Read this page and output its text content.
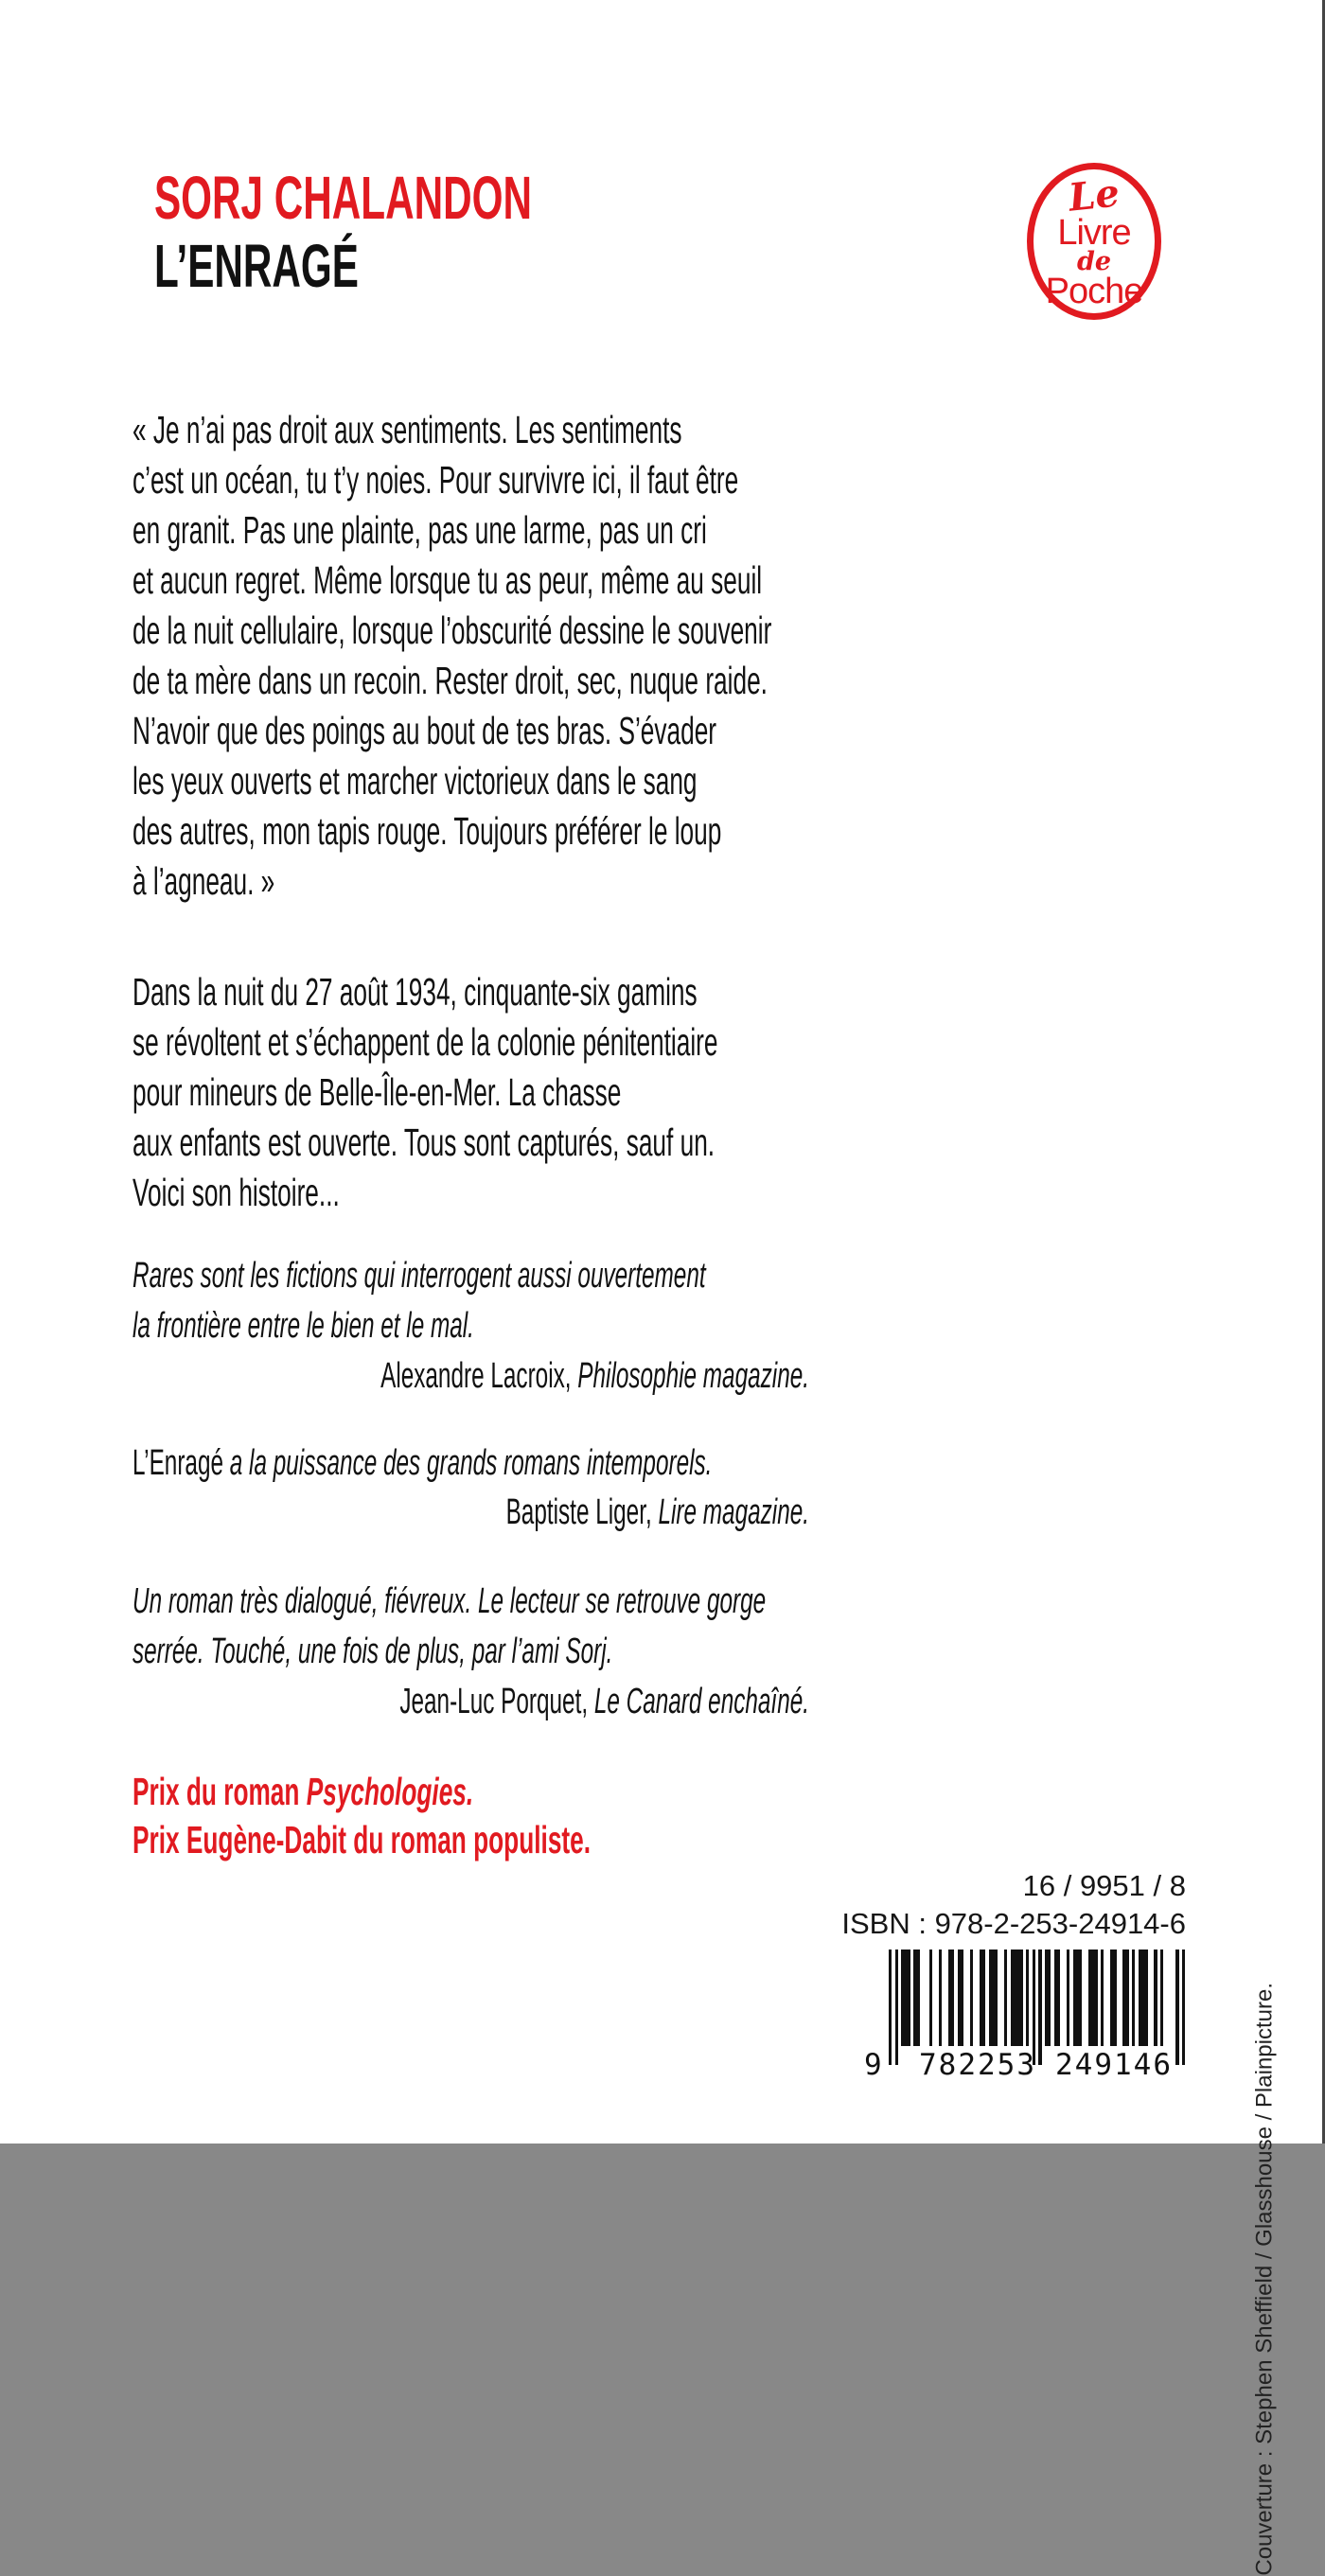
SORJ CHALANDON
L’ENRAGÉ
Le
Livre
de
Poche
« Je n’ai pas droit aux sentiments. Les sentiments
c’est un océan, tu t’y noies. Pour survivre ici, il faut être
en granit. Pas une plainte, pas une larme, pas un cri
et aucun regret. Même lorsque tu as peur, même au seuil
de la nuit cellulaire, lorsque l’obscurité dessine le souvenir
de ta mère dans un recoin. Rester droit, sec, nuque raide.
N’avoir que des poings au bout de tes bras. S’évader
les yeux ouverts et marcher victorieux dans le sang
des autres, mon tapis rouge. Toujours préférer le loup
à l’agneau. »
Dans la nuit du 27 août 1934, cinquante-six gamins
se révoltent et s’échappent de la colonie pénitentiaire
pour mineurs de Belle-Île-en-Mer. La chasse
aux enfants est ouverte. Tous sont capturés, sauf un.
Voici son histoire...
Rares sont les fictions qui interrogent aussi ouvertement
la frontière entre le bien et le mal.
Alexandre Lacroix, Philosophie magazine.
L’Enragé a la puissance des grands romans intemporels.
Baptiste Liger, Lire magazine.
Un roman très dialogué, fiévreux. Le lecteur se retrouve gorge
serrée. Touché, une fois de plus, par l’ami Sorj.
Jean-Luc Porquet, Le Canard enchaîné.
Prix du roman Psychologies.
Prix Eugène-Dabit du roman populiste.
16 / 9951 / 8
ISBN : 978-2-253-24914-6
9 782253 249146	Couverture : Stephen Sheffield / Glasshouse / Plainpicture.
